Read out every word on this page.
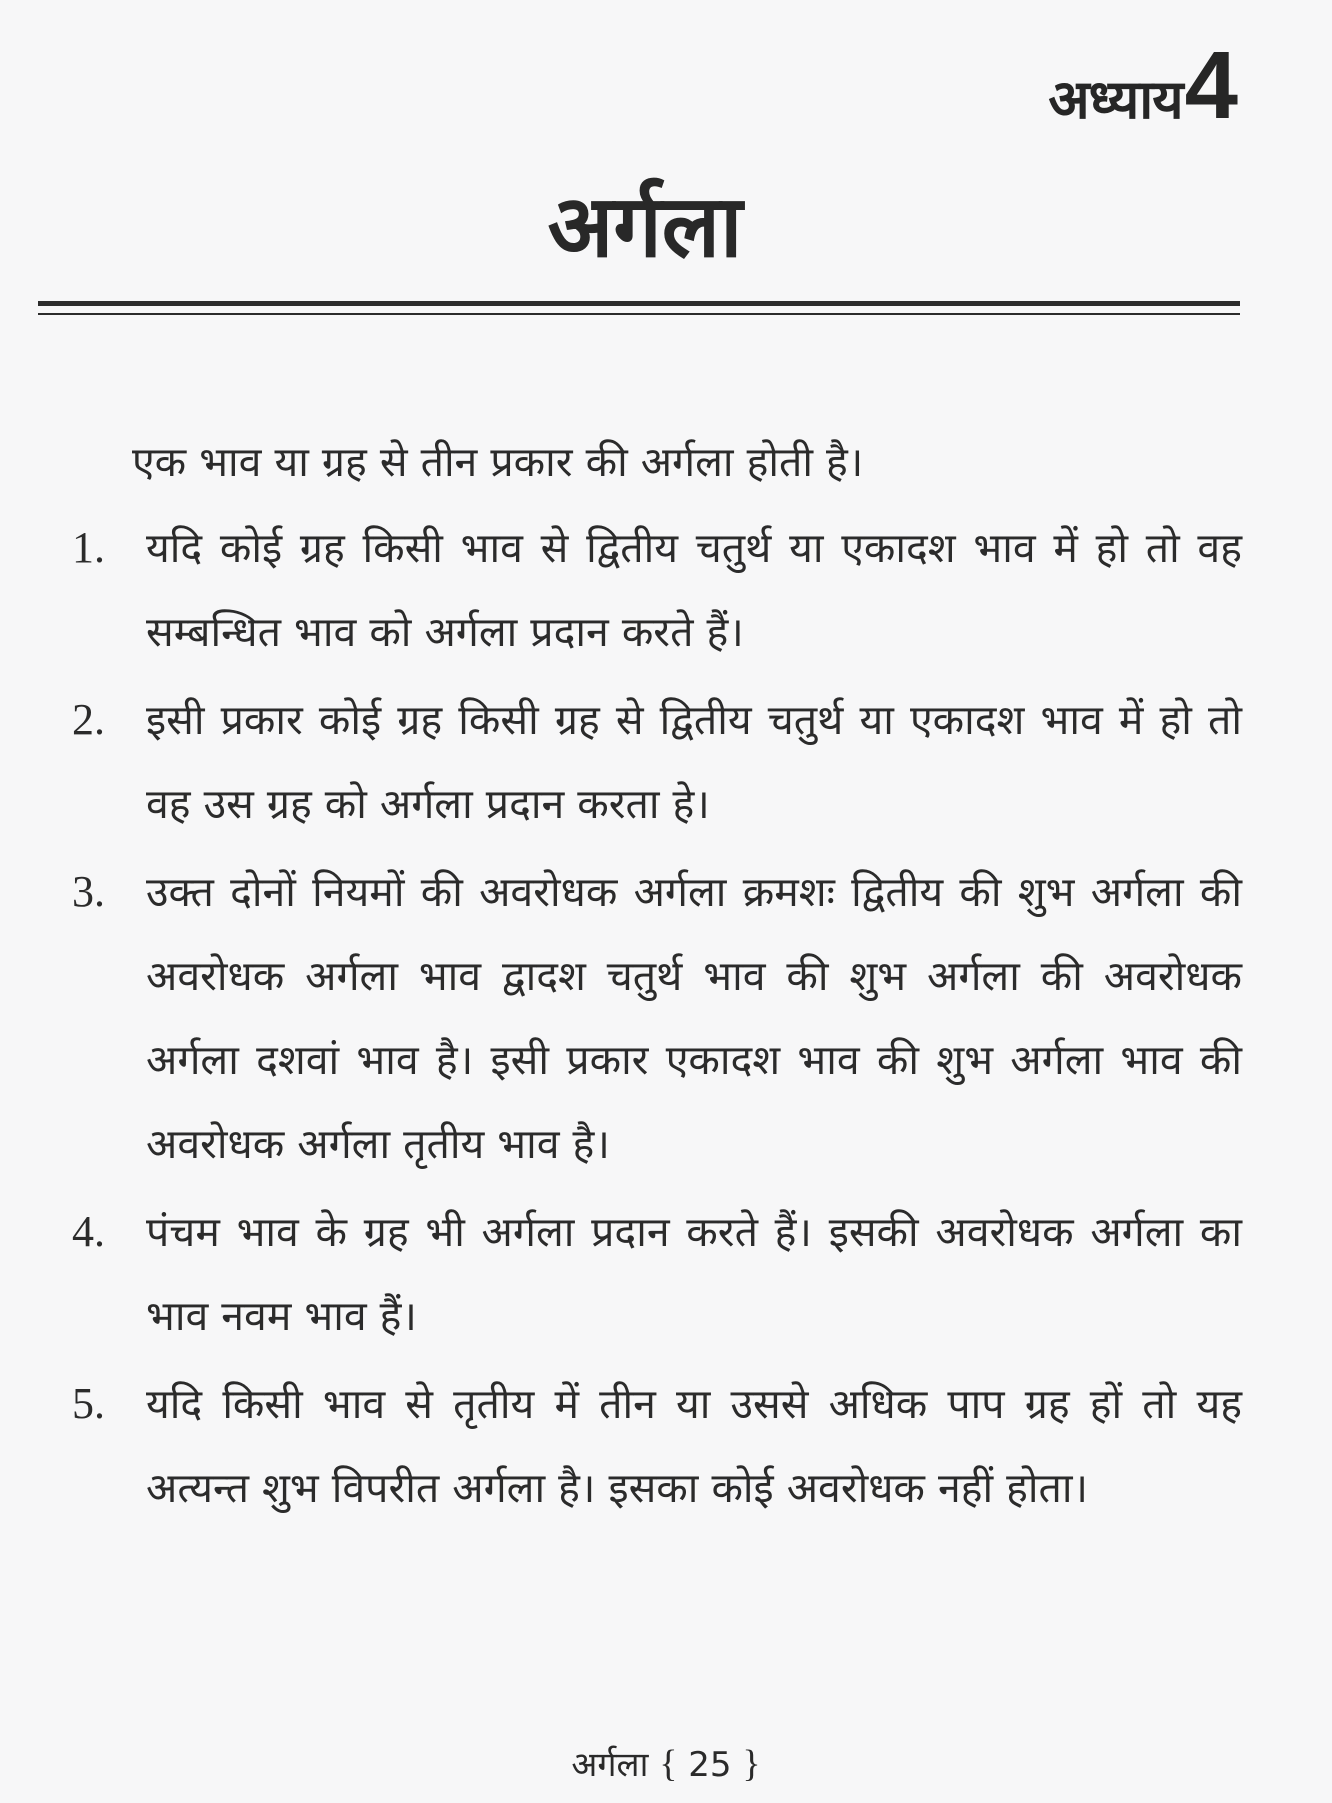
अध्याय 4
अर्गला

एक भाव या ग्रह से तीन प्रकार की अर्गला होती है।

1.	यदि कोई ग्रह किसी भाव से द्वितीय चतुर्थ या एकादश भाव में हो तो वह सम्बन्धित भाव को अर्गला प्रदान करते हैं।
2.	इसी प्रकार कोई ग्रह किसी ग्रह से द्वितीय चतुर्थ या एकादश भाव में हो तो वह उस ग्रह को अर्गला प्रदान करता हे।
3.	उक्त दोनों नियमों की अवरोधक अर्गला क्रमशः द्वितीय की शुभ अर्गला की अवरोधक अर्गला भाव द्वादश चतुर्थ भाव की शुभ अर्गला की अवरोधक अर्गला दशवां भाव है। इसी प्रकार एकादश भाव की शुभ अर्गला भाव की अवरोधक अर्गला तृतीय भाव है।
4.	पंचम भाव के ग्रह भी अर्गला प्रदान करते हैं। इसकी अवरोधक अर्गला का भाव नवम भाव हैं।
5.	यदि किसी भाव से तृतीय में तीन या उससे अधिक पाप ग्रह हों तो यह अत्यन्त शुभ विपरीत अर्गला है। इसका कोई अवरोधक नहीं होता।
अर्गला { 25 }
